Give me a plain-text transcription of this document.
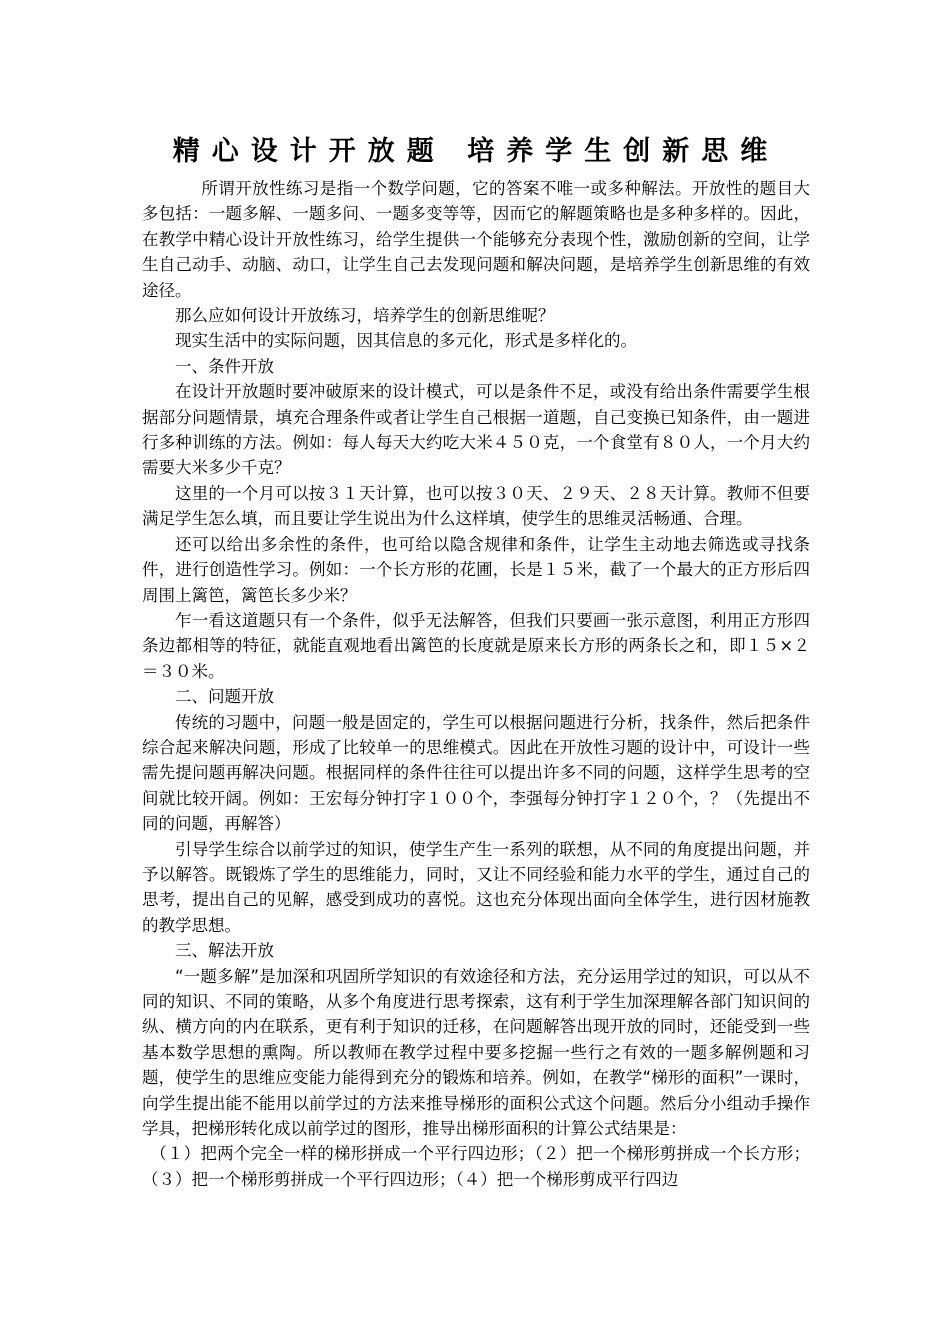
精心设计开放题 培养学生创新思维

所谓开放性练习是指一个数学问题，它的答案不唯一或多种解法。开放性的题目大多包括：一题多解、一题多问、一题多变等等，因而它的解题策略也是多种多样的。因此，在教学中精心设计开放性练习，给学生提供一个能够充分表现个性，激励创新的空间，让学生自己动手、动脑、动口，让学生自己去发现问题和解决问题，是培养学生创新思维的有效途径。

那么应如何设计开放练习，培养学生的创新思维呢？

现实生活中的实际问题，因其信息的多元化，形式是多样化的。

一、条件开放

在设计开放题时要冲破原来的设计模式，可以是条件不足，或没有给出条件需要学生根据部分问题情景，填充合理条件或者让学生自己根据一道题，自己变换已知条件，由一题进行多种训练的方法。例如：每人每天大约吃大米４５０克，一个食堂有８０人，一个月大约需要大米多少千克？

这里的一个月可以按３１天计算，也可以按３０天、２９天、２８天计算。教师不但要满足学生怎么填，而且要让学生说出为什么这样填，使学生的思维灵活畅通、合理。

还可以给出多余性的条件，也可给以隐含规律和条件，让学生主动地去筛选或寻找条件，进行创造性学习。例如：一个长方形的花圃，长是１５米，截了一个最大的正方形后四周围上篱笆，篱笆长多少米？

乍一看这道题只有一个条件，似乎无法解答，但我们只要画一张示意图，利用正方形四条边都相等的特征，就能直观地看出篱笆的长度就是原来长方形的两条长之和，即１５×２＝３０米。

二、问题开放

传统的习题中，问题一般是固定的，学生可以根据问题进行分析，找条件，然后把条件综合起来解决问题，形成了比较单一的思维模式。因此在开放性习题的设计中，可设计一些需先提问题再解决问题。根据同样的条件往往可以提出许多不同的问题，这样学生思考的空间就比较开阔。例如：王宏每分钟打字１００个，李强每分钟打字１２０个，？（先提出不同的问题，再解答）

引导学生综合以前学过的知识，使学生产生一系列的联想，从不同的角度提出问题，并予以解答。既锻炼了学生的思维能力，同时，又让不同经验和能力水平的学生，通过自己的思考，提出自己的见解，感受到成功的喜悦。这也充分体现出面向全体学生，进行因材施教的教学思想。

三、解法开放

“一题多解”是加深和巩固所学知识的有效途径和方法，充分运用学过的知识，可以从不同的知识、不同的策略，从多个角度进行思考探索，这有利于学生加深理解各部门知识间的纵、横方向的内在联系，更有利于知识的迁移，在问题解答出现开放的同时，还能受到一些基本数学思想的熏陶。所以教师在教学过程中要多挖掘一些行之有效的一题多解例题和习题，使学生的思维应变能力能得到充分的锻炼和培养。例如，在教学“梯形的面积”一课时，向学生提出能不能用以前学过的方法来推导梯形的面积公式这个问题。然后分小组动手操作学具，把梯形转化成以前学过的图形，推导出梯形面积的计算公式结果是：

（１）把两个完全一样的梯形拼成一个平行四边形；（２）把一个梯形剪拼成一个长方形；（３）把一个梯形剪拼成一个平行四边形；（４）把一个梯形剪成平行四边
